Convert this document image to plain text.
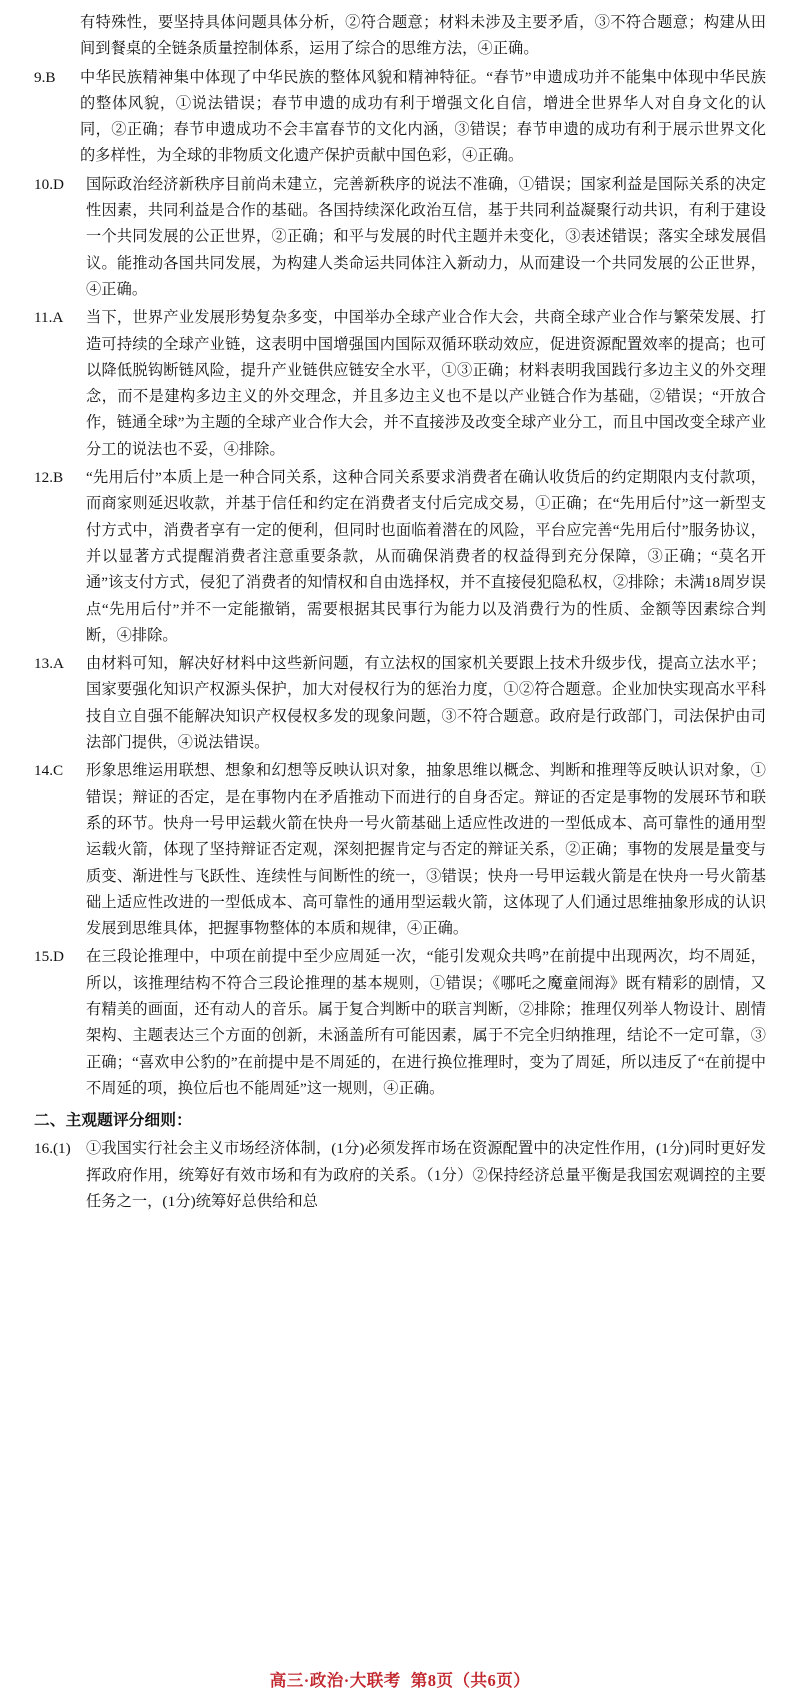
有特殊性，要坚持具体问题具体分析，②符合题意；材料未涉及主要矛盾，③不符合题意；构建从田间到餐桌的全链条质量控制体系，运用了综合的思维方法，④正确。
9.B	中华民族精神集中体现了中华民族的整体风貌和精神特征。“春节”申遗成功并不能集中体现中华民族的整体风貌，①说法错误；春节申遗的成功有利于增强文化自信，增进全世界华人对自身文化的认同，②正确；春节申遗成功不会丰富春节的文化内涵，③错误；春节申遗的成功有利于展示世界文化的多样性，为全球的非物质文化遗产保护贡献中国色彩，④正确。
10.D	国际政治经济新秩序目前尚未建立，完善新秩序的说法不准确，①错误；国家利益是国际关系的决定性因素，共同利益是合作的基础。各国持续深化政治互信，基于共同利益凝聚行动共识，有利于建设一个共同发展的公正世界，②正确；和平与发展的时代主题并未变化，③表述错误；落实全球发展倡议。能推动各国共同发展，为构建人类命运共同体注入新动力，从而建设一个共同发展的公正世界，④正确。
11.A	当下，世界产业发展形势复杂多变，中国举办全球产业合作大会，共商全球产业合作与繁荣发展、打造可持续的全球产业链，这表明中国增强国内国际双循环联动效应，促进资源配置效率的提高；也可以降低脱钩断链风险，提升产业链供应链安全水平，①③正确；材料表明我国践行多边主义的外交理念，而不是建构多边主义的外交理念，并且多边主义也不是以产业链合作为基础，②错误；“开放合作，链通全球”为主题的全球产业合作大会，并不直接涉及改变全球产业分工，而且中国改变全球产业分工的说法也不妥，④排除。
12.B	“先用后付”本质上是一种合同关系，这种合同关系要求消费者在确认收货后的约定期限内支付款项，而商家则延迟收款，并基于信任和约定在消费者支付后完成交易，①正确；在“先用后付”这一新型支付方式中，消费者享有一定的便利，但同时也面临着潜在的风险，平台应完善“先用后付”服务协议，并以显著方式提醒消费者注意重要条款，从而确保消费者的权益得到充分保障，③正确；“莫名开通”该支付方式，侵犯了消费者的知情权和自由选择权，并不直接侵犯隐私权，②排除；未满18周岁误点“先用后付”并不一定能撤销，需要根据其民事行为能力以及消费行为的性质、金额等因素综合判断，④排除。
13.A	由材料可知，解决好材料中这些新问题，有立法权的国家机关要跟上技术升级步伐，提高立法水平；国家要强化知识产权源头保护，加大对侵权行为的惩治力度，①②符合题意。企业加快实现高水平科技自立自强不能解决知识产权侵权多发的现象问题，③不符合题意。政府是行政部门，司法保护由司法部门提供，④说法错误。
14.C	形象思维运用联想、想象和幻想等反映认识对象，抽象思维以概念、判断和推理等反映认识对象，①错误；辩证的否定，是在事物内在矛盾推动下而进行的自身否定。辩证的否定是事物的发展环节和联系的环节。快舟一号甲运载火箭在快舟一号火箭基础上适应性改进的一型低成本、高可靠性的通用型运载火箭，体现了坚持辩证否定观，深刻把握肯定与否定的辩证关系，②正确；事物的发展是量变与质变、渐进性与飞跃性、连续性与间断性的统一，③错误；快舟一号甲运载火箭是在快舟一号火箭基础上适应性改进的一型低成本、高可靠性的通用型运载火箭，这体现了人们通过思维抽象形成的认识发展到思维具体，把握事物整体的本质和规律，④正确。
15.D	在三段论推理中，中项在前提中至少应周延一次，“能引发观众共鸣”在前提中出现两次，均不周延，所以，该推理结构不符合三段论推理的基本规则，①错误；《哪吒之魔童闹海》既有精彩的剧情，又有精美的画面，还有动人的音乐。属于复合判断中的联言判断，②排除；推理仅列举人物设计、剧情架构、主题表达三个方面的创新，未涵盖所有可能因素，属于不完全归纳推理，结论不一定可靠，③正确；“喜欢申公豹的”在前提中是不周延的，在进行换位推理时，变为了周延，所以违反了“在前提中不周延的项，换位后也不能周延”这一规则，④正确。
二、主观题评分细则：
16.(1)	①我国实行社会主义市场经济体制，(1分)必须发挥市场在资源配置中的决定性作用，(1分)同时更好发挥政府作用，统筹好有效市场和有为政府的关系。（1分）②保持经济总量平衡是我国宏观调控的主要任务之一，(1分)统筹好总供给和总
高三·政治·大联考 第8页（共6页）
